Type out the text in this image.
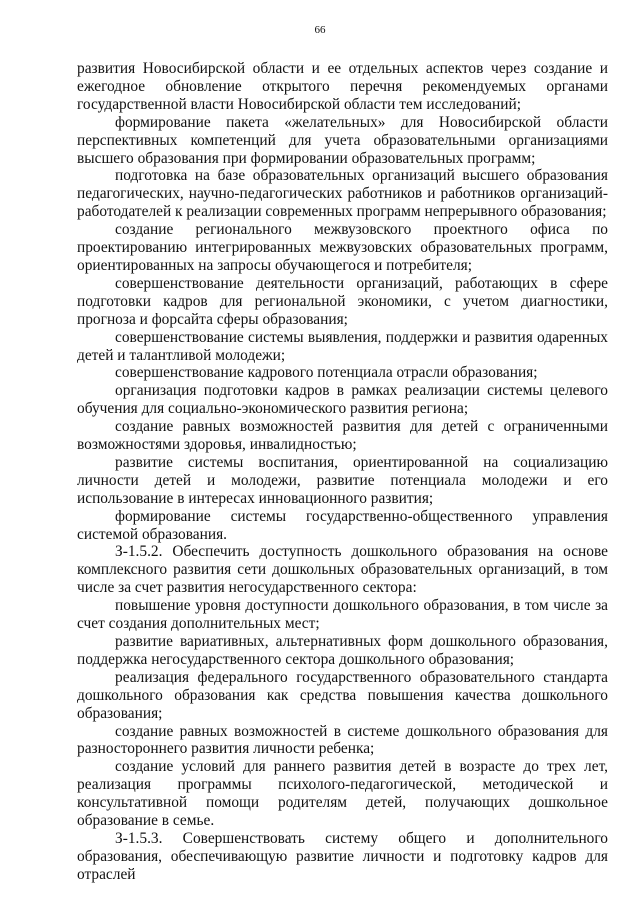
66

развития Новосибирской области и ее отдельных аспектов через создание и ежегодное обновление открытого перечня рекомендуемых органами государственной власти Новосибирской области тем исследований;

формирование пакета «желательных» для Новосибирской области перспективных компетенций для учета образовательными организациями высшего образования при формировании образовательных программ;

подготовка на базе образовательных организаций высшего образования педагогических, научно-педагогических работников и работников организаций-работодателей к реализации современных программ непрерывного образования;

создание регионального межвузовского проектного офиса по проектированию интегрированных межвузовских образовательных программ, ориентированных на запросы обучающегося и потребителя;

совершенствование деятельности организаций, работающих в сфере подготовки кадров для региональной экономики, с учетом диагностики, прогноза и форсайта сферы образования;

совершенствование системы выявления, поддержки и развития одаренных детей и талантливой молодежи;

совершенствование кадрового потенциала отрасли образования;

организация подготовки кадров в рамках реализации системы целевого обучения для социально-экономического развития региона;

создание равных возможностей развития для детей с ограниченными возможностями здоровья, инвалидностью;

развитие системы воспитания, ориентированной на социализацию личности детей и молодежи, развитие потенциала молодежи и его использование в интересах инновационного развития;

формирование системы государственно-общественного управления системой образования.

З-1.5.2. Обеспечить доступность дошкольного образования на основе комплексного развития сети дошкольных образовательных организаций, в том числе за счет развития негосударственного сектора:

повышение уровня доступности дошкольного образования, в том числе за счет создания дополнительных мест;

развитие вариативных, альтернативных форм дошкольного образования, поддержка негосударственного сектора дошкольного образования;

реализация федерального государственного образовательного стандарта дошкольного образования как средства повышения качества дошкольного образования;

создание равных возможностей в системе дошкольного образования для разностороннего развития личности ребенка;

создание условий для раннего развития детей в возрасте до трех лет, реализация программы психолого-педагогической, методической и консультативной помощи родителям детей, получающих дошкольное образование в семье.

З-1.5.3. Совершенствовать систему общего и дополнительного образования, обеспечивающую развитие личности и подготовку кадров для отраслей
